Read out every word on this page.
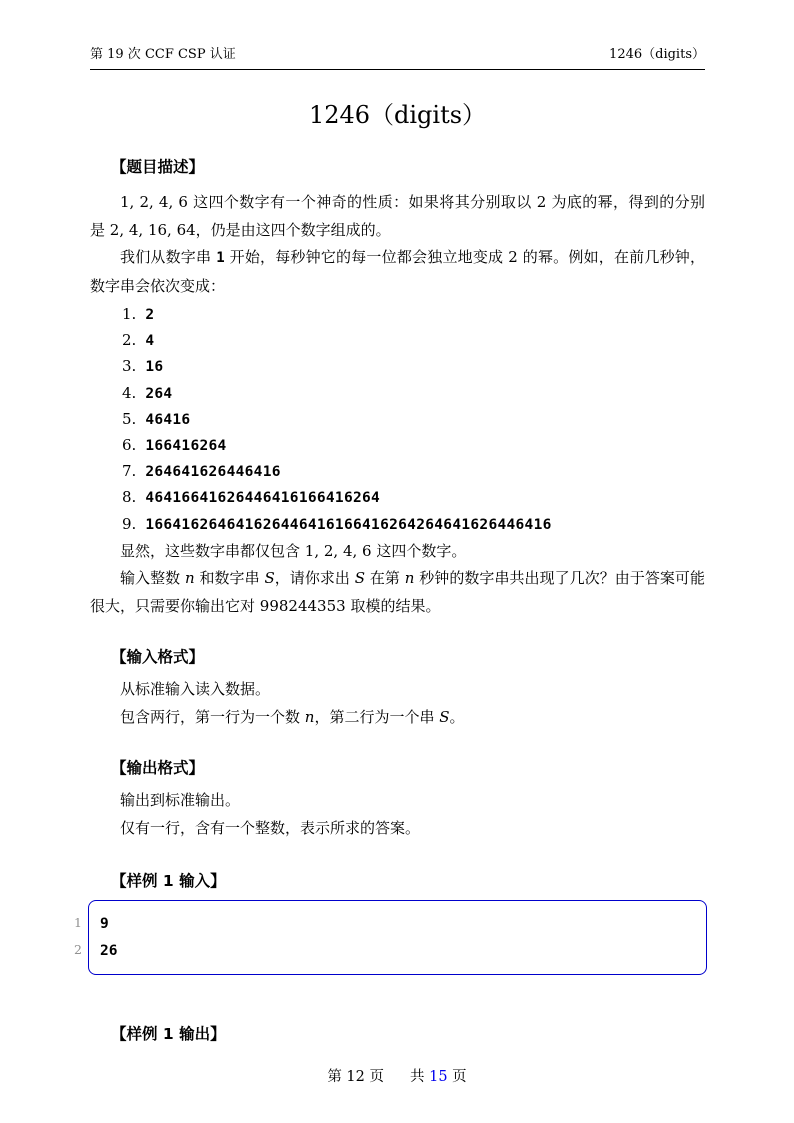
第 19 次 CCF CSP 认证	1246（digits）
1246（digits）
【题目描述】

1, 2, 4, 6 这四个数字有一个神奇的性质：如果将其分别取以 2 为底的幂，得到的分别是 2, 4, 16, 64，仍是由这四个数字组成的。

我们从数字串 1 开始，每秒钟它的每一位都会独立地变成 2 的幂。例如，在前几秒钟，数字串会依次变成：

1. 2
2. 4
3. 16
4. 264
5. 46416
6. 166416264
7. 264641626446416
8. 46416641626446416166416264
9. 166416264641626446416166416264264641626446416

显然，这些数字串都仅包含 1, 2, 4, 6 这四个数字。

输入整数 n 和数字串 S，请你求出 S 在第 n 秒钟的数字串共出现了几次？由于答案可能很大，只需要你输出它对 998244353 取模的结果。

【输入格式】

从标准输入读入数据。

包含两行，第一行为一个数 n，第二行为一个串 S。

【输出格式】

输出到标准输出。

仅有一行，含有一个整数，表示所求的答案。

【样例 1 输入】
1 9
2 26
【样例 1 输出】
第 12 页 共 15 页
